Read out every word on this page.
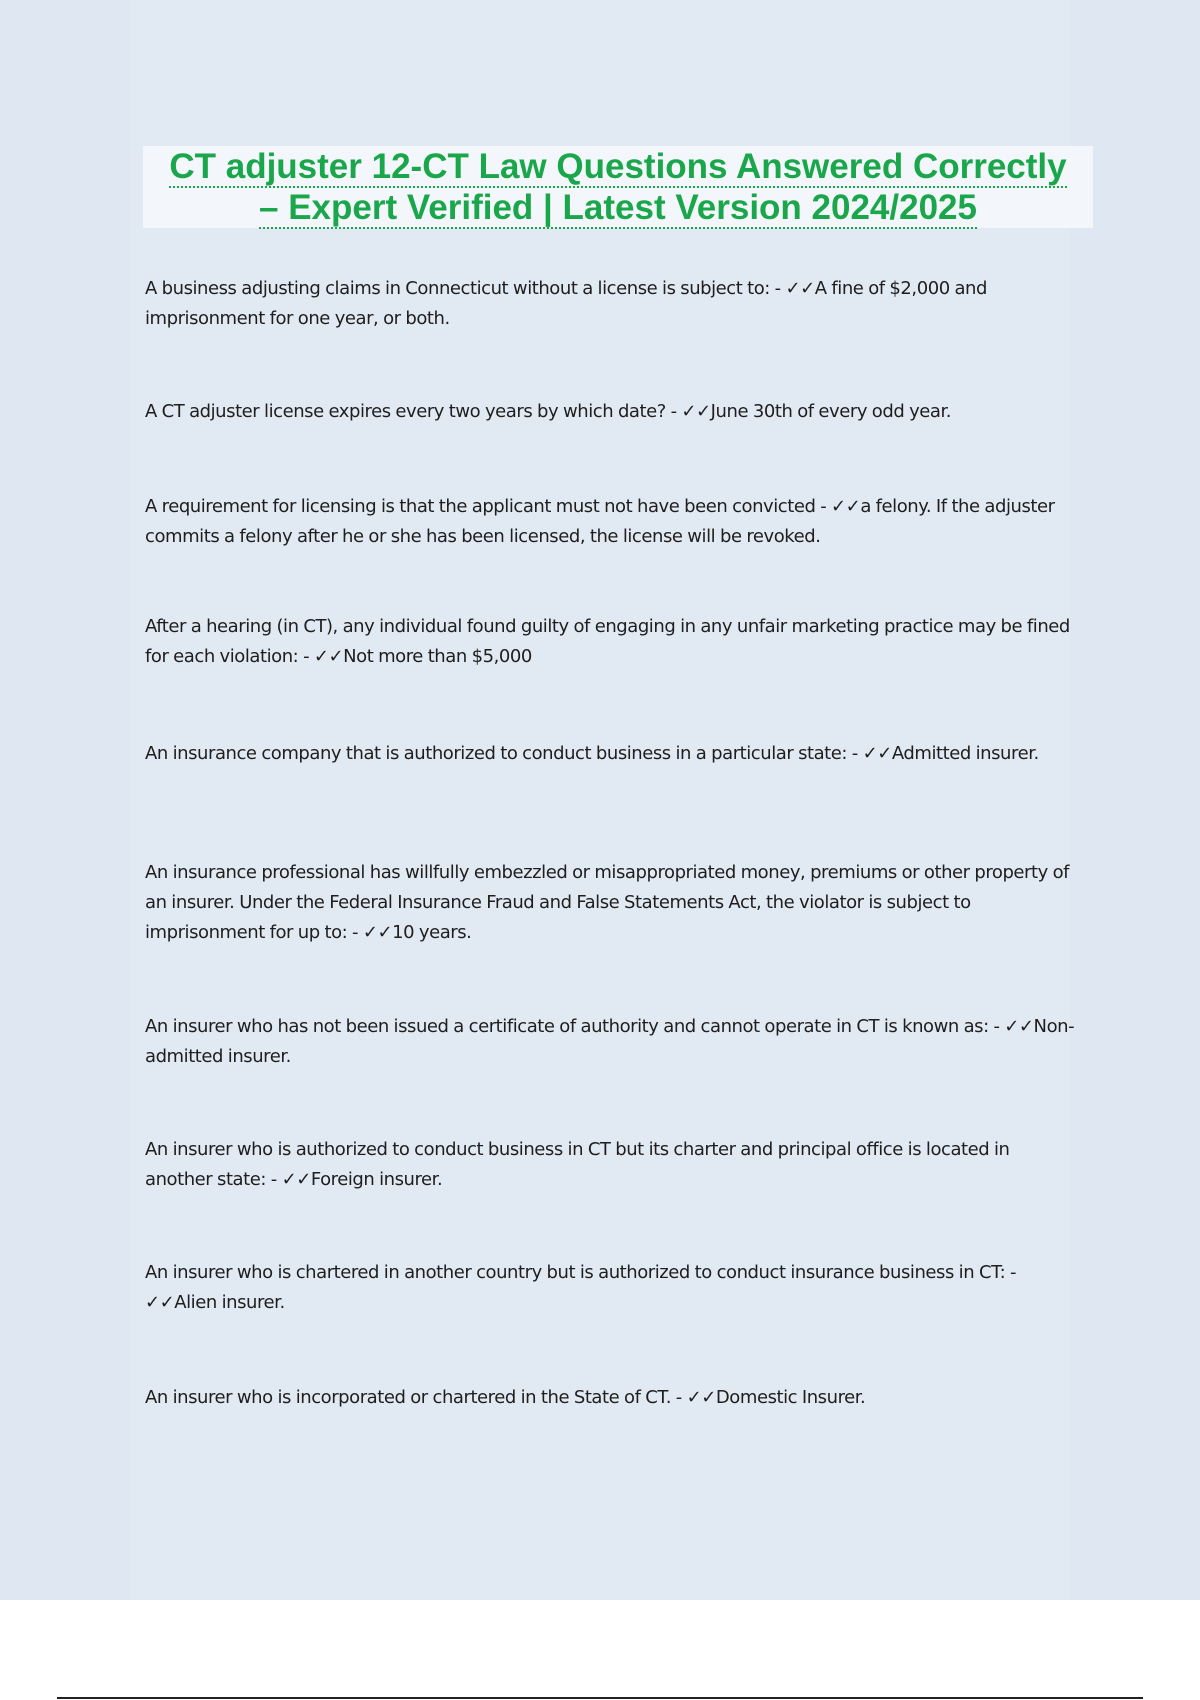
CT adjuster 12-CT Law Questions Answered Correctly
– Expert Verified | Latest Version 2024/2025
A business adjusting claims in Connecticut without a license is subject to: - ✓✓A fine of $2,000 and imprisonment for one year, or both.
A CT adjuster license expires every two years by which date? - ✓✓June 30th of every odd year.
A requirement for licensing is that the applicant must not have been convicted - ✓✓a felony. If the adjuster commits a felony after he or she has been licensed, the license will be revoked.
After a hearing (in CT), any individual found guilty of engaging in any unfair marketing practice may be fined for each violation: - ✓✓Not more than $5,000
An insurance company that is authorized to conduct business in a particular state: - ✓✓Admitted insurer.
An insurance professional has willfully embezzled or misappropriated money, premiums or other property of an insurer. Under the Federal Insurance Fraud and False Statements Act, the violator is subject to imprisonment for up to: - ✓✓10 years.
An insurer who has not been issued a certificate of authority and cannot operate in CT is known as: - ✓✓Non-admitted insurer.
An insurer who is authorized to conduct business in CT but its charter and principal office is located in another state: - ✓✓Foreign insurer.
An insurer who is chartered in another country but is authorized to conduct insurance business in CT: - ✓✓Alien insurer.
An insurer who is incorporated or chartered in the State of CT. - ✓✓Domestic Insurer.
